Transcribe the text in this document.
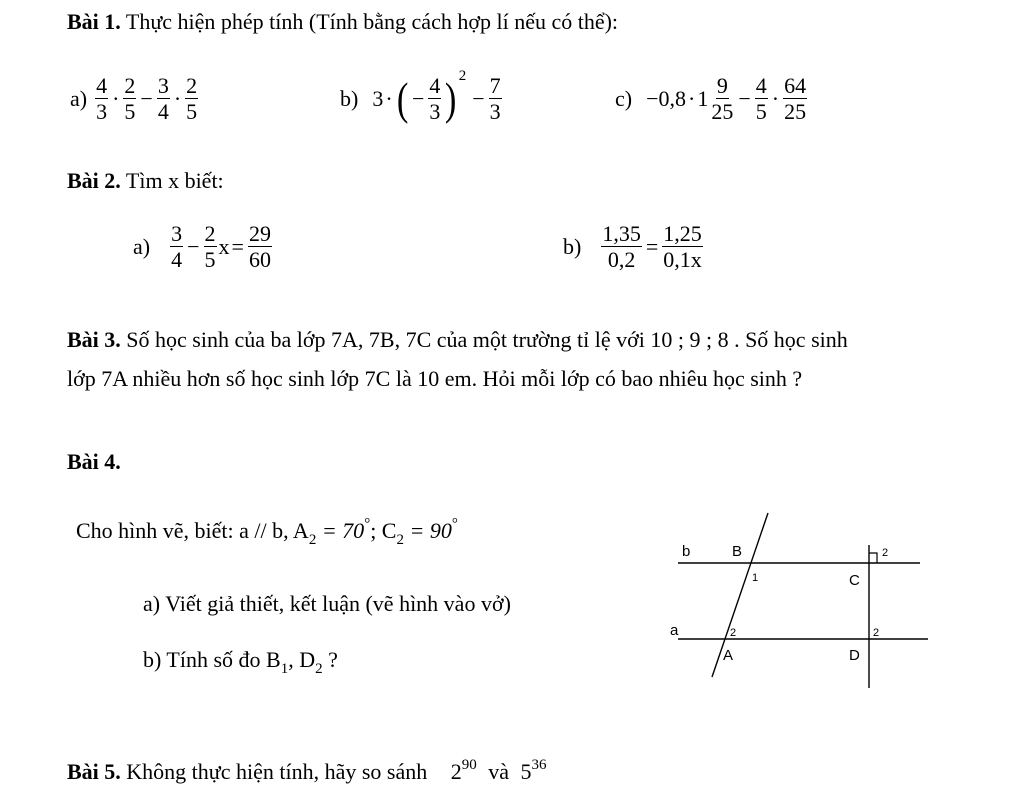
Bài 1. Thực hiện phép tính (Tính bằng cách hợp lí nếu có thể):
$a) \frac{4}{3} \cdot \frac{2}{5} - \frac{3}{4} \cdot \frac{2}{5}$	b) 3 · ( − $\frac{4}{3}$ ) 2
− $\frac{7}{3}$	$c) -0,8 \cdot 1 \frac{9}{25} - \frac{4}{5} \cdot \frac{64}{25}$
Bài 2. Tìm x biết:
$a) \frac{3}{4} - \frac{2}{5}$ $x = \frac{29}{60}$	$b) \frac{1,35}{0,2} = \frac{1,25}{0,1x}$
Bài 3. Số học sinh của ba lớp 7A, 7B, 7C của một trường tỉ lệ với 10 ; 9 ; 8 . Số học sinh
lớp 7A nhiều hơn số học sinh lớp 7C là 10 em. Hỏi mỗi lớp có bao nhiêu học sinh ?
Bài 4.
Cho hình vẽ, biết: a // b, $A_2 = 70^\circ$; $C_2 = 90^\circ$
a) Viết giả thiết, kết luận (vẽ hình vào vở)
b) Tính số đo $B_1$, $D_2$ ?
b	B
1	C
2
a	2
A
2
D
Bài 5. Không thực hiện tính, hãy so sánh $2^{90}$ và $5^{36}$
